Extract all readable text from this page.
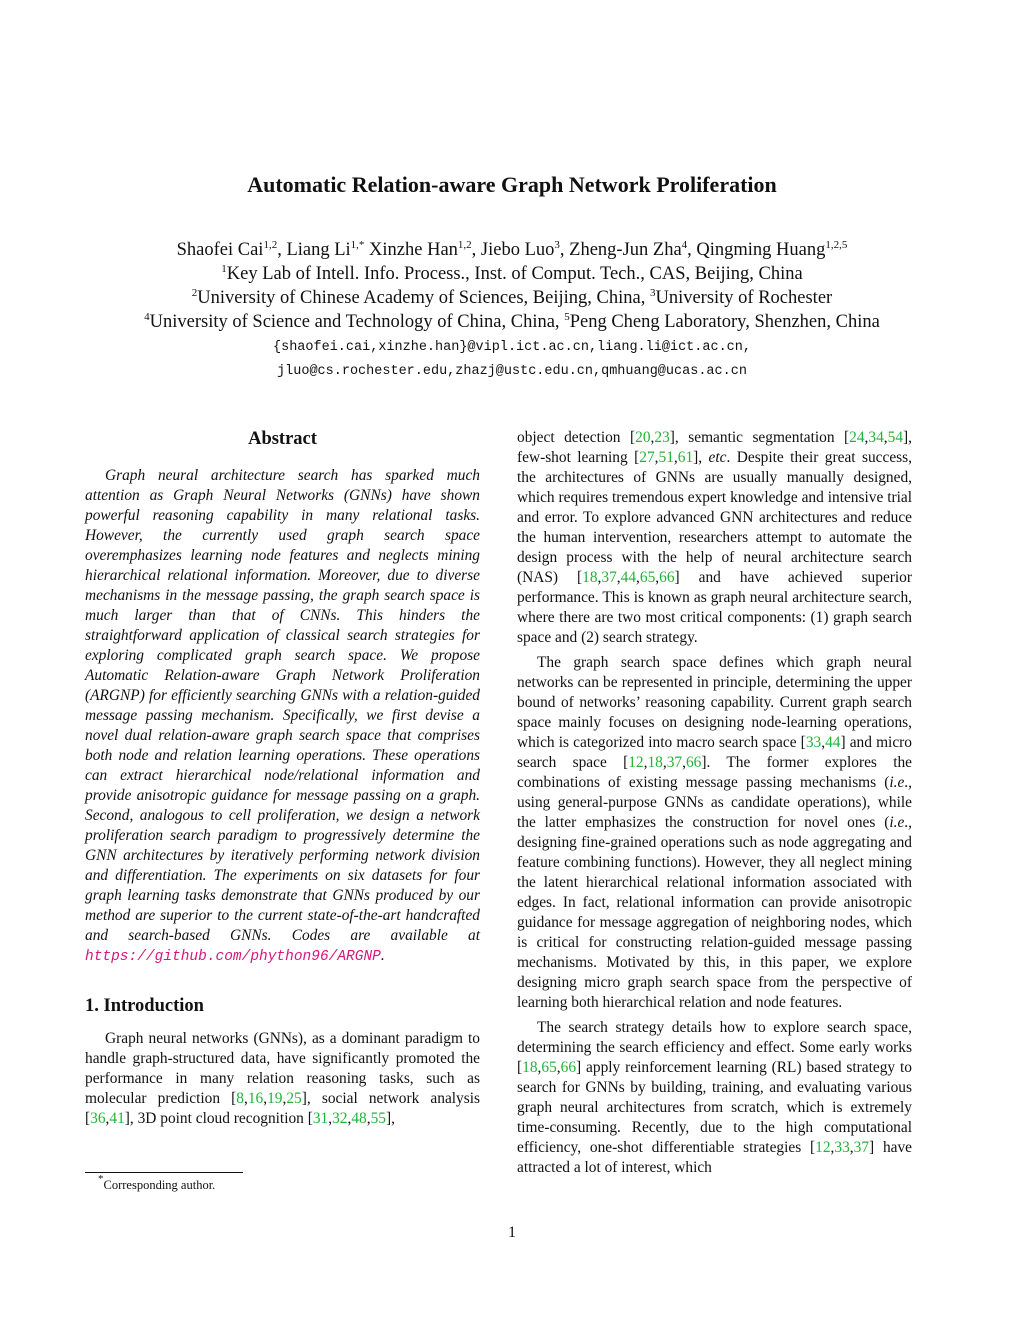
Automatic Relation-aware Graph Network Proliferation
Shaofei Cai$^{1,2}$, Liang $Li^{1,*}$ Xinzhe Han$^{1,2}$, Jiebo Luo$^3$, Zheng-Jun Zha$^4$, Qingming Huang$^{1,2,5}$
$^1$Key Lab of Intell. Info. Process., Inst. of Comput. Tech., CAS, Beijing, China
$^2$University of Chinese Academy of Sciences, Beijing, China, $^3$University of Rochester
$^4$University of Science and Technology of China, China, $^5$Peng Cheng Laboratory, Shenzhen, China
{shaofei.cai,xinzhe.han}@vipl.ict.ac.cn,liang.li@ict.ac.cn,
jluo@cs.rochester.edu,zhazj@ustc.edu.cn,qmhuang@ucas.ac.cn
Abstract

Graph neural architecture search has sparked much attention as Graph Neural Networks (GNNs) have shown powerful reasoning capability in many relational tasks. However, the currently used graph search space overemphasizes learning node features and neglects mining hierarchical relational information. Moreover, due to diverse mechanisms in the message passing, the graph search space is much larger than that of CNNs. This hinders the straightforward application of classical search strategies for exploring complicated graph search space. We propose Automatic Relation-aware Graph Network Proliferation (ARGNP) for efficiently searching GNNs with a relation-guided message passing mechanism. Specifically, we first devise a novel dual relation-aware graph search space that comprises both node and relation learning operations. These operations can extract hierarchical node/relational information and provide anisotropic guidance for message passing on a graph. Second, analogous to cell proliferation, we design a network proliferation search paradigm to progressively determine the GNN architectures by iteratively performing network division and differentiation. The experiments on six datasets for four graph learning tasks demonstrate that GNNs produced by our method are superior to the current state-of-the-art handcrafted and search-based GNNs. Codes are available at https://github.com/phython96/ARGNP.

1. Introduction

Graph neural networks (GNNs), as a dominant paradigm to handle graph-structured data, have significantly promoted the performance in many relation reasoning tasks, such as molecular prediction [8,16,19,25], social network analysis [36,41], 3D point cloud recognition [31,32,48,55],

object detection [20,23], semantic segmentation [24,34,54], few-shot learning [27,51,61], etc. Despite their great success, the architectures of GNNs are usually manually designed, which requires tremendous expert knowledge and intensive trial and error. To explore advanced GNN architectures and reduce the human intervention, researchers attempt to automate the design process with the help of neural architecture search (NAS) [18,37,44,65,66] and have achieved superior performance. This is known as graph neural architecture search, where there are two most critical components: (1) graph search space and (2) search strategy.

The graph search space defines which graph neural networks can be represented in principle, determining the upper bound of networks’ reasoning capability. Current graph search space mainly focuses on designing node-learning operations, which is categorized into macro search space [33,44] and micro search space [12,18,37,66]. The former explores the combinations of existing message passing mechanisms (i.e., using general-purpose GNNs as candidate operations), while the latter emphasizes the construction for novel ones (i.e., designing fine-grained operations such as node aggregating and feature combining functions). However, they all neglect mining the latent hierarchical relational information associated with edges. In fact, relational information can provide anisotropic guidance for message aggregation of neighboring nodes, which is critical for constructing relation-guided message passing mechanisms. Motivated by this, in this paper, we explore designing micro graph search space from the perspective of learning both hierarchical relation and node features.

The search strategy details how to explore search space, determining the search efficiency and effect. Some early works [18,65,66] apply reinforcement learning (RL) based strategy to search for GNNs by building, training, and evaluating various graph neural architectures from scratch, which is extremely time-consuming. Recently, due to the high computational efficiency, one-shot differentiable strategies [12,33,37] have attracted a lot of interest, which

*Corresponding author.
1
